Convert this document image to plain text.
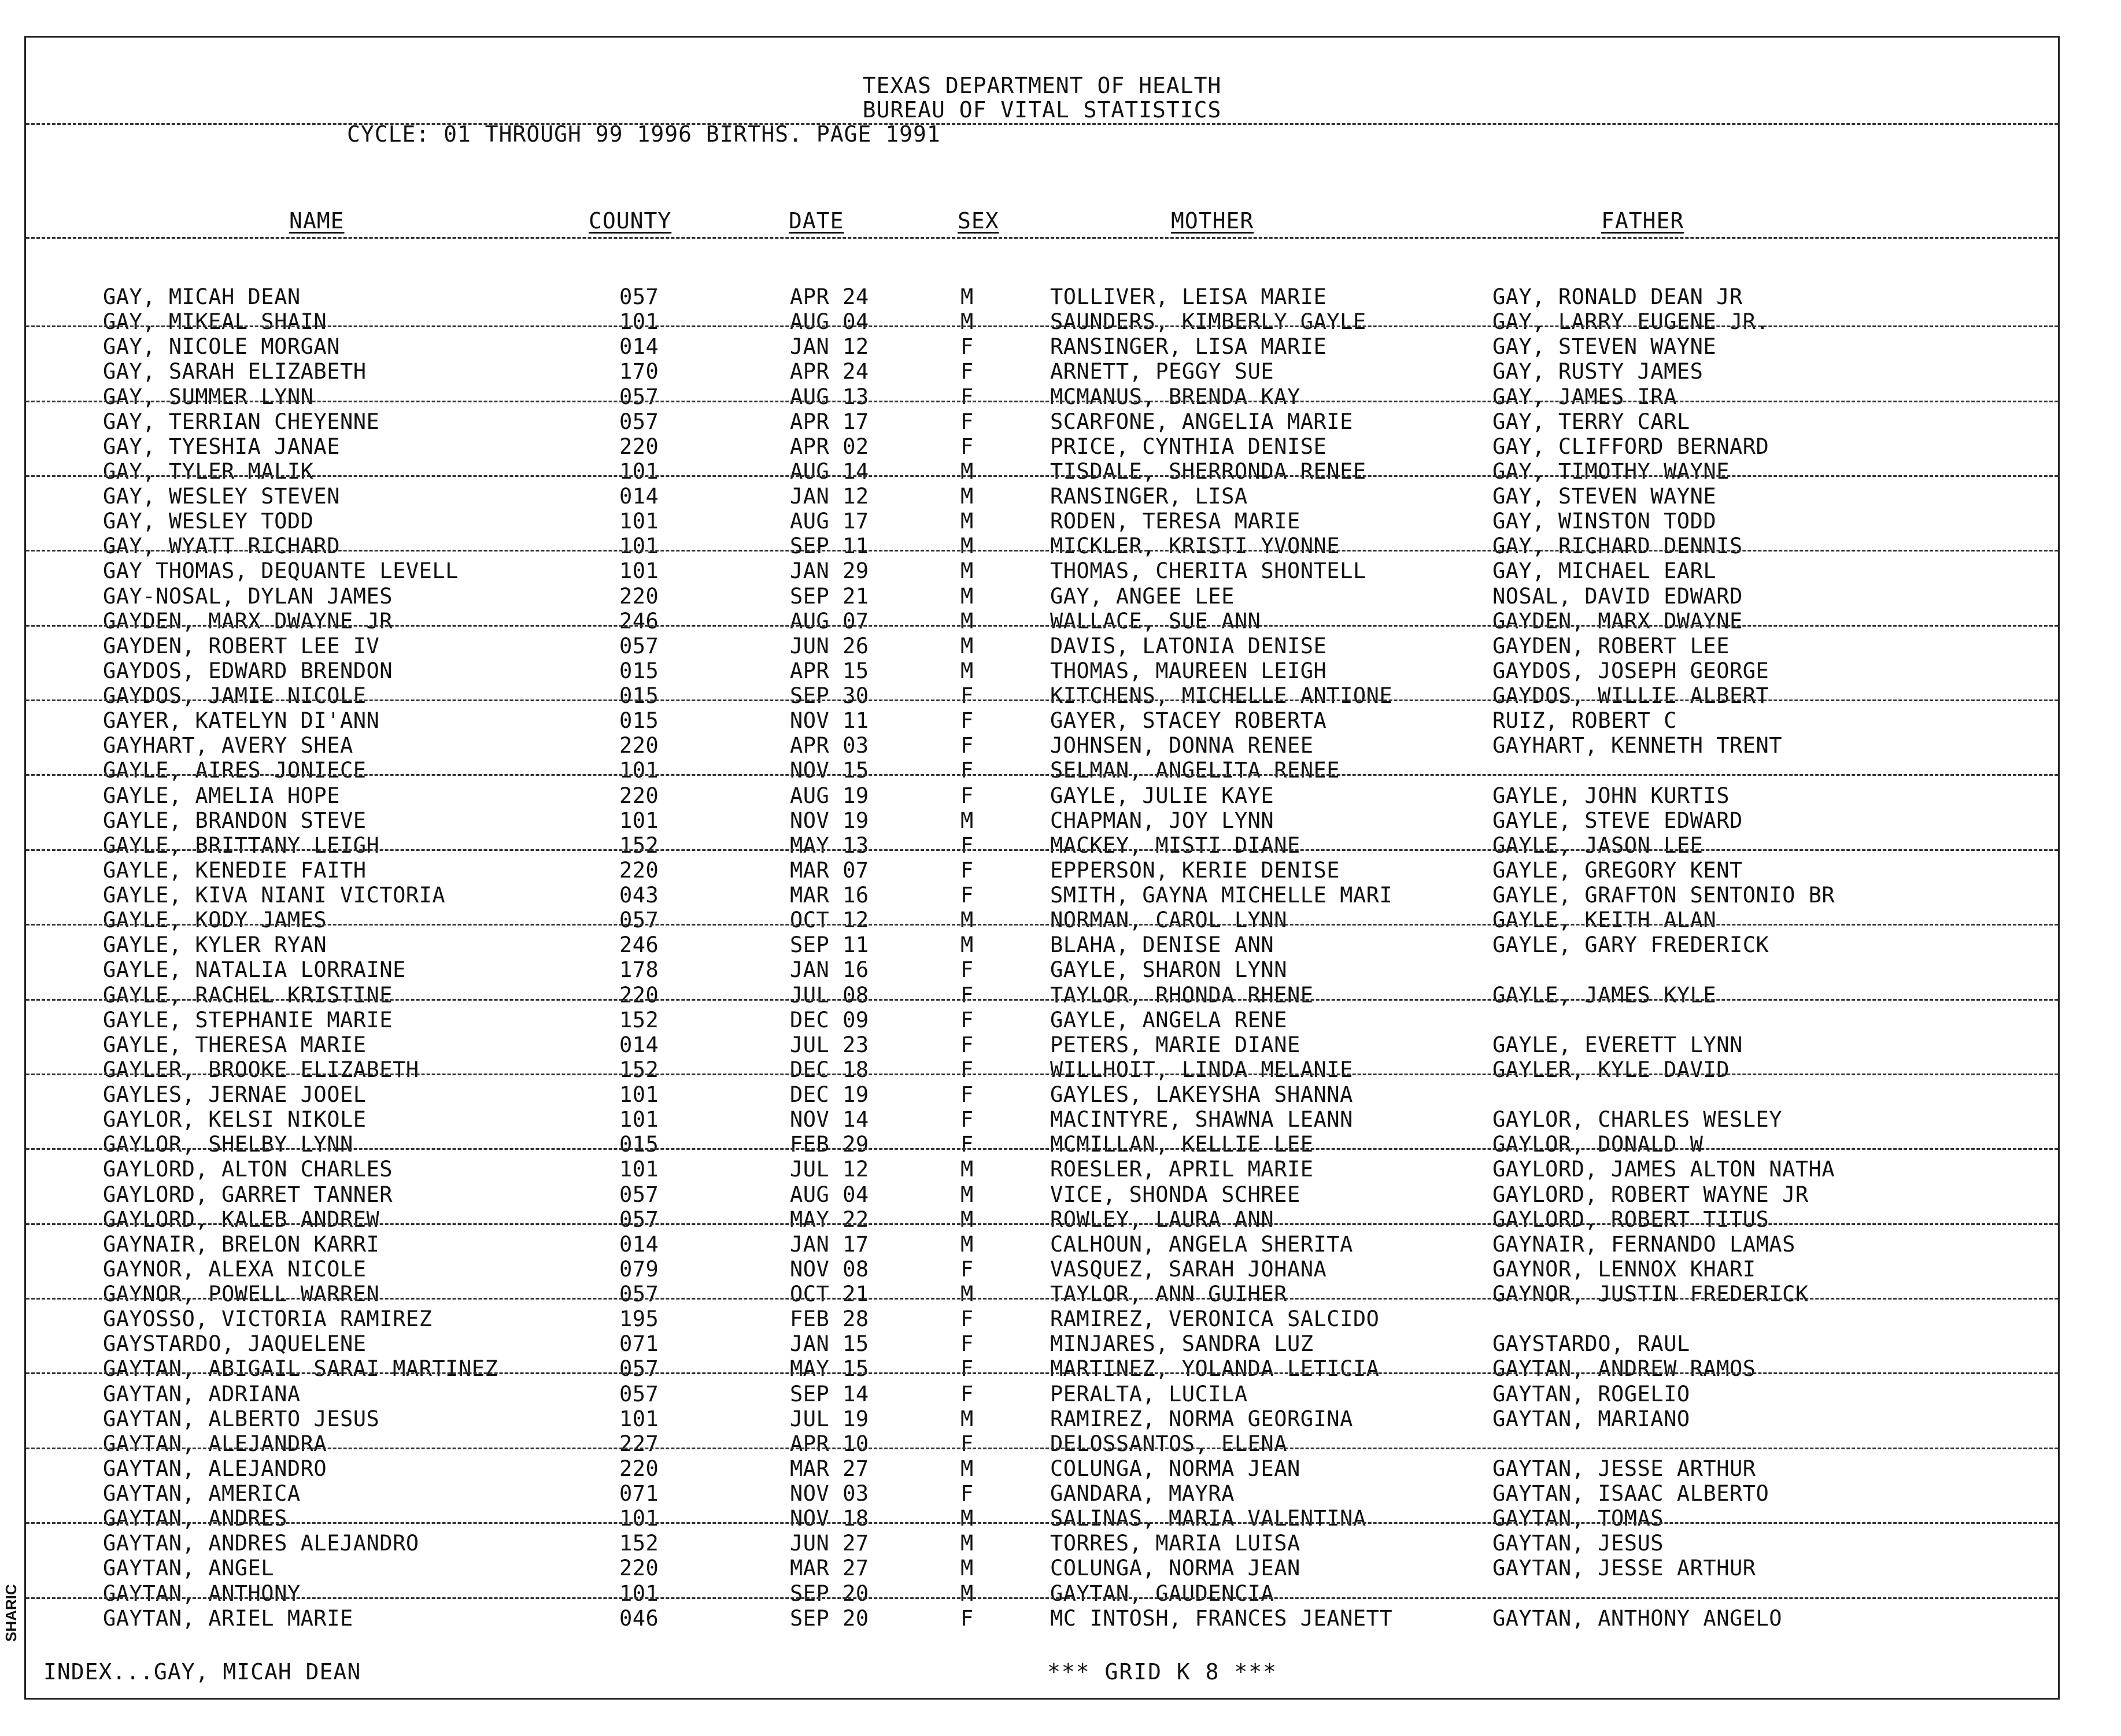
TEXAS DEPARTMENT OF HEALTH
BUREAU OF VITAL STATISTICS
CYCLE: 01 THROUGH 99 1996 BIRTHS. PAGE 1991
NAME	COUNTY	DATE	SEX	MOTHER	FATHER
GAY, MICAH DEAN	057	APR 24	M	TOLLIVER, LEISA MARIE	GAY, RONALD DEAN JR
GAY, MIKEAL SHAIN	101	AUG 04	M	SAUNDERS, KIMBERLY GAYLE	GAY, LARRY EUGENE JR.
GAY, NICOLE MORGAN	014	JAN 12	F	RANSINGER, LISA MARIE	GAY, STEVEN WAYNE
GAY, SARAH ELIZABETH	170	APR 24	F	ARNETT, PEGGY SUE	GAY, RUSTY JAMES
GAY, SUMMER LYNN	057	AUG 13	F	MCMANUS, BRENDA KAY	GAY, JAMES IRA
GAY, TERRIAN CHEYENNE	057	APR 17	F	SCARFONE, ANGELIA MARIE	GAY, TERRY CARL
GAY, TYESHIA JANAE	220	APR 02	F	PRICE, CYNTHIA DENISE	GAY, CLIFFORD BERNARD
GAY, TYLER MALIK	101	AUG 14	M	TISDALE, SHERRONDA RENEE	GAY, TIMOTHY WAYNE
GAY, WESLEY STEVEN	014	JAN 12	M	RANSINGER, LISA	GAY, STEVEN WAYNE
GAY, WESLEY TODD	101	AUG 17	M	RODEN, TERESA MARIE	GAY, WINSTON TODD
GAY, WYATT RICHARD	101	SEP 11	M	MICKLER, KRISTI YVONNE	GAY, RICHARD DENNIS
GAY THOMAS, DEQUANTE LEVELL	101	JAN 29	M	THOMAS, CHERITA SHONTELL	GAY, MICHAEL EARL
GAY-NOSAL, DYLAN JAMES	220	SEP 21	M	GAY, ANGEE LEE	NOSAL, DAVID EDWARD
GAYDEN, MARX DWAYNE JR	246	AUG 07	M	WALLACE, SUE ANN	GAYDEN, MARX DWAYNE
GAYDEN, ROBERT LEE IV	057	JUN 26	M	DAVIS, LATONIA DENISE	GAYDEN, ROBERT LEE
GAYDOS, EDWARD BRENDON	015	APR 15	M	THOMAS, MAUREEN LEIGH	GAYDOS, JOSEPH GEORGE
GAYDOS, JAMIE NICOLE	015	SEP 30	F	KITCHENS, MICHELLE ANTIONE	GAYDOS, WILLIE ALBERT
GAYER, KATELYN DI'ANN	015	NOV 11	F	GAYER, STACEY ROBERTA	RUIZ, ROBERT C
GAYHART, AVERY SHEA	220	APR 03	F	JOHNSEN, DONNA RENEE	GAYHART, KENNETH TRENT
GAYLE, AIRES JONIECE	101	NOV 15	F	SELMAN, ANGELITA RENEE
GAYLE, AMELIA HOPE	220	AUG 19	F	GAYLE, JULIE KAYE	GAYLE, JOHN KURTIS
GAYLE, BRANDON STEVE	101	NOV 19	M	CHAPMAN, JOY LYNN	GAYLE, STEVE EDWARD
GAYLE, BRITTANY LEIGH	152	MAY 13	F	MACKEY, MISTI DIANE	GAYLE, JASON LEE
GAYLE, KENEDIE FAITH	220	MAR 07	F	EPPERSON, KERIE DENISE	GAYLE, GREGORY KENT
GAYLE, KIVA NIANI VICTORIA	043	MAR 16	F	SMITH, GAYNA MICHELLE MARI	GAYLE, GRAFTON SENTONIO BR
GAYLE, KODY JAMES	057	OCT 12	M	NORMAN, CAROL LYNN	GAYLE, KEITH ALAN
GAYLE, KYLER RYAN	246	SEP 11	M	BLAHA, DENISE ANN	GAYLE, GARY FREDERICK
GAYLE, NATALIA LORRAINE	178	JAN 16	F	GAYLE, SHARON LYNN
GAYLE, RACHEL KRISTINE	220	JUL 08	F	TAYLOR, RHONDA RHENE	GAYLE, JAMES KYLE
GAYLE, STEPHANIE MARIE	152	DEC 09	F	GAYLE, ANGELA RENE
GAYLE, THERESA MARIE	014	JUL 23	F	PETERS, MARIE DIANE	GAYLE, EVERETT LYNN
GAYLER, BROOKE ELIZABETH	152	DEC 18	F	WILLHOIT, LINDA MELANIE	GAYLER, KYLE DAVID
GAYLES, JERNAE JOOEL	101	DEC 19	F	GAYLES, LAKEYSHA SHANNA
GAYLOR, KELSI NIKOLE	101	NOV 14	F	MACINTYRE, SHAWNA LEANN	GAYLOR, CHARLES WESLEY
GAYLOR, SHELBY LYNN	015	FEB 29	F	MCMILLAN, KELLIE LEE	GAYLOR, DONALD W
GAYLORD, ALTON CHARLES	101	JUL 12	M	ROESLER, APRIL MARIE	GAYLORD, JAMES ALTON NATHA
GAYLORD, GARRET TANNER	057	AUG 04	M	VICE, SHONDA SCHREE	GAYLORD, ROBERT WAYNE JR
GAYLORD, KALEB ANDREW	057	MAY 22	M	ROWLEY, LAURA ANN	GAYLORD, ROBERT TITUS
GAYNAIR, BRELON KARRI	014	JAN 17	M	CALHOUN, ANGELA SHERITA	GAYNAIR, FERNANDO LAMAS
GAYNOR, ALEXA NICOLE	079	NOV 08	F	VASQUEZ, SARAH JOHANA	GAYNOR, LENNOX KHARI
GAYNOR, POWELL WARREN	057	OCT 21	M	TAYLOR, ANN GUIHER	GAYNOR, JUSTIN FREDERICK
GAYOSSO, VICTORIA RAMIREZ	195	FEB 28	F	RAMIREZ, VERONICA SALCIDO
GAYSTARDO, JAQUELENE	071	JAN 15	F	MINJARES, SANDRA LUZ	GAYSTARDO, RAUL
GAYTAN, ABIGAIL SARAI MARTINEZ	057	MAY 15	F	MARTINEZ, YOLANDA LETICIA	GAYTAN, ANDREW RAMOS
GAYTAN, ADRIANA	057	SEP 14	F	PERALTA, LUCILA	GAYTAN, ROGELIO
GAYTAN, ALBERTO JESUS	101	JUL 19	M	RAMIREZ, NORMA GEORGINA	GAYTAN, MARIANO
GAYTAN, ALEJANDRA	227	APR 10	F	DELOSSANTOS, ELENA
GAYTAN, ALEJANDRO	220	MAR 27	M	COLUNGA, NORMA JEAN	GAYTAN, JESSE ARTHUR
GAYTAN, AMERICA	071	NOV 03	F	GANDARA, MAYRA	GAYTAN, ISAAC ALBERTO
GAYTAN, ANDRES	101	NOV 18	M	SALINAS, MARIA VALENTINA	GAYTAN, TOMAS
GAYTAN, ANDRES ALEJANDRO	152	JUN 27	M	TORRES, MARIA LUISA	GAYTAN, JESUS
GAYTAN, ANGEL	220	MAR 27	M	COLUNGA, NORMA JEAN	GAYTAN, JESSE ARTHUR
GAYTAN, ANTHONY	101	SEP 20	M	GAYTAN, GAUDENCIA
GAYTAN, ARIEL MARIE	046	SEP 20	F	MC INTOSH, FRANCES JEANETT	GAYTAN, ANTHONY ANGELO
INDEX...GAY, MICAH DEAN	*** GRID K 8 ***
SHARIC
